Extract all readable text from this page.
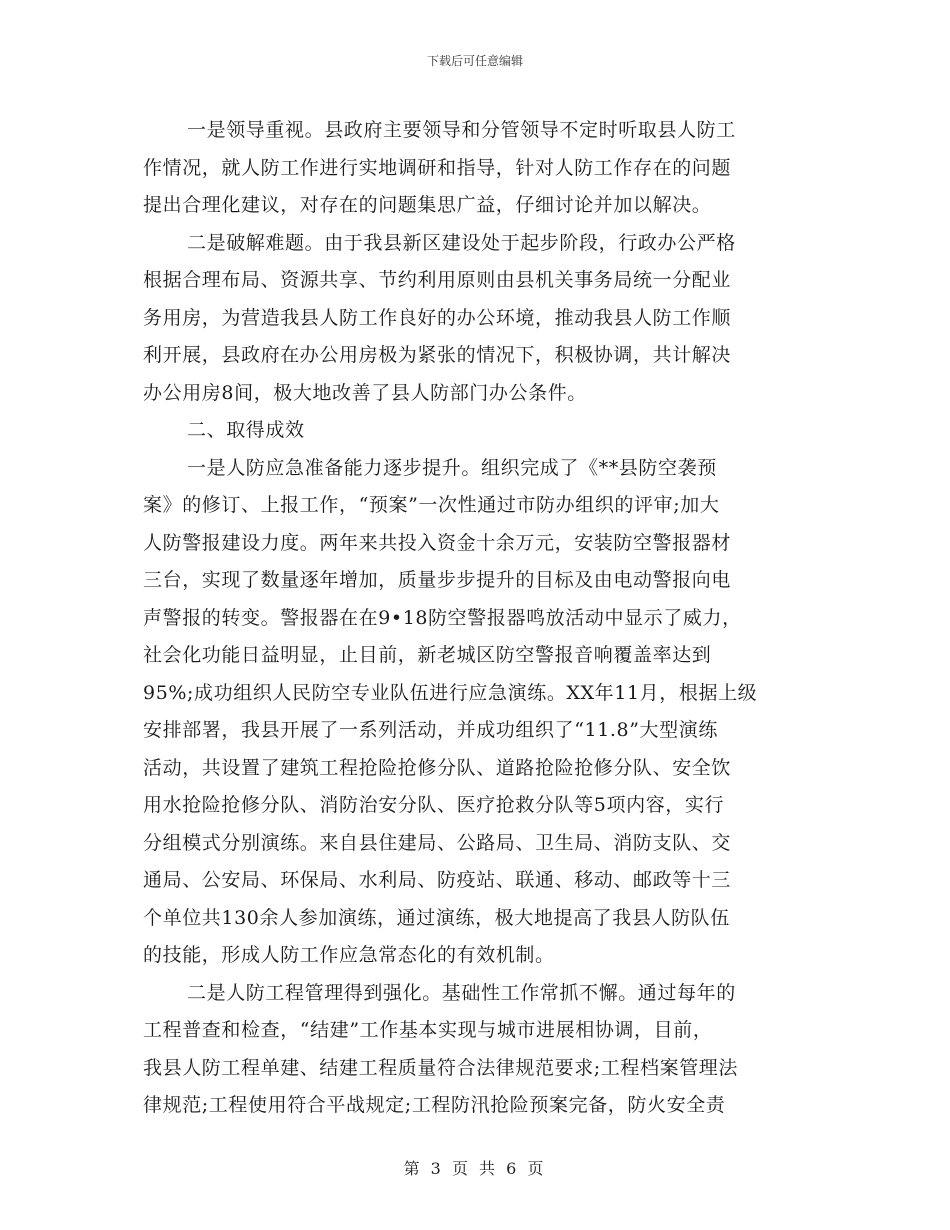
下载后可任意编辑
一是领导重视。县政府主要领导和分管领导不定时听取县人防工
作情况，就人防工作进行实地调研和指导，针对人防工作存在的问题
提出合理化建议，对存在的问题集思广益，仔细讨论并加以解决。
二是破解难题。由于我县新区建设处于起步阶段，行政办公严格
根据合理布局、资源共享、节约利用原则由县机关事务局统一分配业
务用房，为营造我县人防工作良好的办公环境，推动我县人防工作顺
利开展，县政府在办公用房极为紧张的情况下，积极协调，共计解决
办公用房8间，极大地改善了县人防部门办公条件。
二、取得成效
一是人防应急准备能力逐步提升。组织完成了《**县防空袭预
案》的修订、上报工作，“预案”一次性通过市防办组织的评审;加大
人防警报建设力度。两年来共投入资金十余万元，安装防空警报器材
三台，实现了数量逐年增加，质量步步提升的目标及由电动警报向电
声警报的转变。警报器在在9•18防空警报器鸣放活动中显示了威力，
社会化功能日益明显，止目前，新老城区防空警报音响覆盖率达到
95%;成功组织人民防空专业队伍进行应急演练。XX年11月，根据上级
安排部署，我县开展了一系列活动，并成功组织了“11.8”大型演练
活动，共设置了建筑工程抢险抢修分队、道路抢险抢修分队、安全饮
用水抢险抢修分队、消防治安分队、医疗抢救分队等5项内容，实行
分组模式分别演练。来自县住建局、公路局、卫生局、消防支队、交
通局、公安局、环保局、水利局、防疫站、联通、移动、邮政等十三
个单位共130余人参加演练，通过演练，极大地提高了我县人防队伍
的技能，形成人防工作应急常态化的有效机制。
二是人防工程管理得到强化。基础性工作常抓不懈。通过每年的
工程普查和检查，“结建”工作基本实现与城市进展相协调，目前，
我县人防工程单建、结建工程质量符合法律规范要求;工程档案管理法
律规范;工程使用符合平战规定;工程防汛抢险预案完备，防火安全责
第 3 页 共 6 页
